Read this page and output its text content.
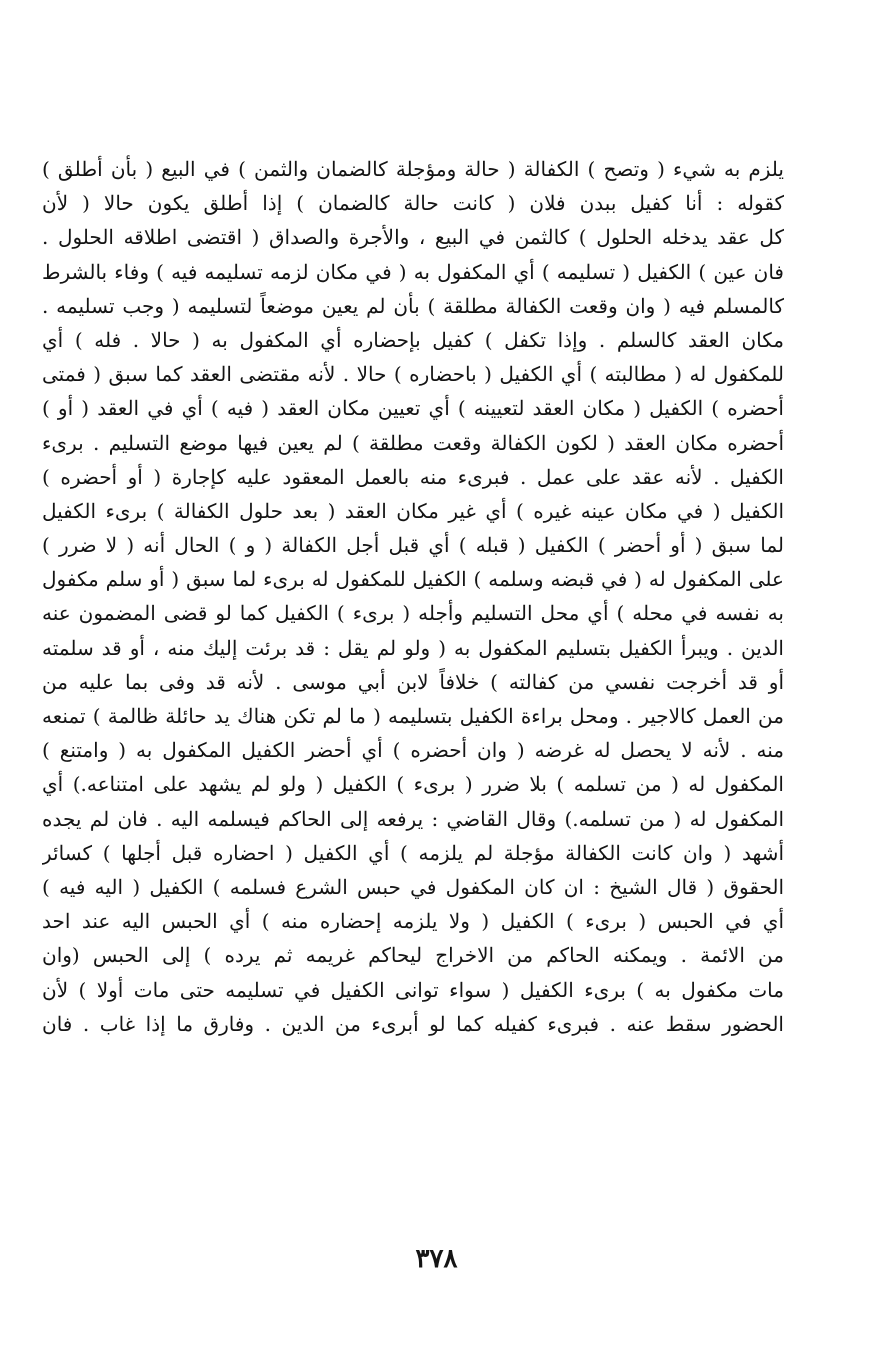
يلزم به شيء ( وتصح ) الكفالة ( حالة ومؤجلة كالضمان والثمن ) في البيع ( بأن أطلق )
كقوله : أنا كفيل ببدن فلان ( كانت حالة كالضمان ) إذا أطلق يكون حالا ( لأن
كل عقد يدخله الحلول ) كالثمن في البيع ، والأجرة والصداق ( اقتضى اطلاقه الحلول .
فان عين ) الكفيل ( تسليمه ) أي المكفول به ( في مكان لزمه تسليمه فيه ) وفاء بالشرط
كالمسلم فيه ( وان وقعت الكفالة مطلقة ) بأن لم يعين موضعاً لتسليمه ( وجب تسليمه .
مكان العقد كالسلم . وإذا تكفل ) كفيل بإحضاره أي المكفول به ( حالا . فله ) أي
للمكفول له ( مطالبته ) أي الكفيل ( باحضاره ) حالا . لأنه مقتضى العقد كما سبق ( فمتى
أحضره ) الكفيل ( مكان العقد لتعيينه ) أي تعيين مكان العقد ( فيه ) أي في العقد ( أو )
أحضره مكان العقد ( لكون الكفالة وقعت مطلقة ) لم يعين فيها موضع التسليم . برىء
الكفيل . لأنه عقد على عمل . فبرىء منه بالعمل المعقود عليه كإجارة ( أو أحضره )
الكفيل ( في مكان عينه غيره ) أي غير مكان العقد ( بعد حلول الكفالة ) برىء الكفيل
لما سبق ( أو أحضر ) الكفيل ( قبله ) أي قبل أجل الكفالة ( و ) الحال أنه ( لا ضرر )
على المكفول له ( في قبضه وسلمه ) الكفيل للمكفول له برىء لما سبق ( أو سلم مكفول
به نفسه في محله ) أي محل التسليم وأجله ( برىء ) الكفيل كما لو قضى المضمون عنه
الدين . ويبرأ الكفيل بتسليم المكفول به ( ولو لم يقل : قد برئت إليك منه ، أو قد سلمته
أو قد أخرجت نفسي من كفالته ) خلافاً لابن أبي موسى . لأنه قد وفى بما عليه من
من العمل كالاجير . ومحل براءة الكفيل بتسليمه ( ما لم تكن هناك يد حائلة ظالمة ) تمنعه
منه . لأنه لا يحصل له غرضه ( وان أحضره ) أي أحضر الكفيل المكفول به ( وامتنع )
المكفول له ( من تسلمه ) بلا ضرر ( برىء ) الكفيل ( ولو لم يشهد على امتناعه.) أي
المكفول له ( من تسلمه.) وقال القاضي : يرفعه إلى الحاكم فيسلمه اليه . فان لم يجده
أشهد ( وان كانت الكفالة مؤجلة لم يلزمه ) أي الكفيل ( احضاره قبل أجلها ) كسائر
الحقوق ( قال الشيخ : ان كان المكفول في حبس الشرع فسلمه ) الكفيل ( اليه فيه )
أي في الحبس ( برىء ) الكفيل ( ولا يلزمه إحضاره منه ) أي الحبس اليه عند احد
من الائمة . ويمكنه الحاكم من الاخراج ليحاكم غريمه ثم يرده ) إلى الحبس (وان
مات مكفول به ) برىء الكفيل ( سواء توانى الكفيل في تسليمه حتى مات أولا ) لأن
الحضور سقط عنه . فبرىء كفيله كما لو أبرىء من الدين . وفارق ما إذا غاب . فان
٣٧٨
